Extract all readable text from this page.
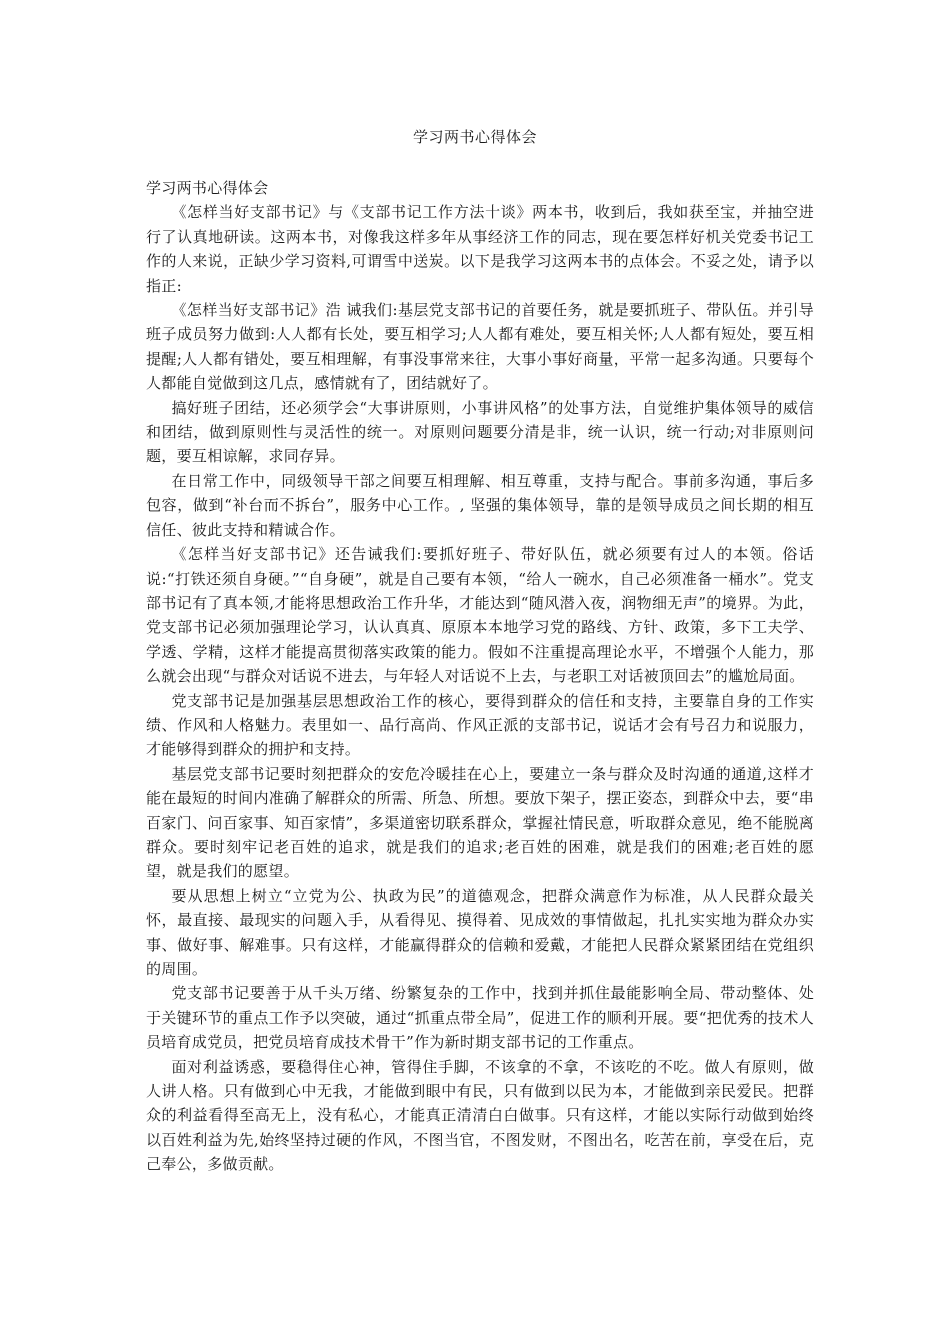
学习两书心得体会

学习两书心得体会

《怎样当好支部书记》与《支部书记工作方法十谈》两本书，收到后，我如获至宝，并抽空进行了认真地研读。这两本书，对像我这样多年从事经济工作的同志，现在要怎样好机关党委书记工作的人来说，正缺少学习资料,可谓雪中送炭。以下是我学习这两本书的点体会。不妥之处，请予以指正:

《怎样当好支部书记》浩 诫我们:基层党支部书记的首要任务，就是要抓班子、带队伍。并引导班子成员努力做到:人人都有长处，要互相学习;人人都有难处，要互相关怀;人人都有短处，要互相提醒;人人都有错处，要互相理解，有事没事常来往，大事小事好商量，平常一起多沟通。只要每个人都能自觉做到这几点，感情就有了，团结就好了。

搞好班子团结，还必须学会“大事讲原则，小事讲风格”的处事方法，自觉维护集体领导的威信和团结，做到原则性与灵活性的统一。对原则问题要分清是非，统一认识，统一行动;对非原则问题，要互相谅解，求同存异。

在日常工作中，同级领导干部之间要互相理解、相互尊重，支持与配合。事前多沟通，事后多包容，做到“补台而不拆台”，服务中心工作。, 坚强的集体领导，靠的是领导成员之间长期的相互信任、彼此支持和精诚合作。

《怎样当好支部书记》还告诫我们:要抓好班子、带好队伍，就必须要有过人的本领。俗话说:“打铁还须自身硬。”“自身硬”，就是自己要有本领，“给人一碗水，自己必须准备一桶水”。党支部书记有了真本领,才能将思想政治工作升华，才能达到“随风潜入夜，润物细无声”的境界。为此，党支部书记必须加强理论学习，认认真真、原原本本地学习党的路线、方针、政策，多下工夫学、学透、学精，这样才能提高贯彻落实政策的能力。假如不注重提高理论水平，不增强个人能力，那么就会出现“与群众对话说不进去，与年轻人对话说不上去，与老职工对话被顶回去”的尴尬局面。

党支部书记是加强基层思想政治工作的核心，要得到群众的信任和支持，主要靠自身的工作实绩、作风和人格魅力。表里如一、品行高尚、作风正派的支部书记，说话才会有号召力和说服力，才能够得到群众的拥护和支持。

基层党支部书记要时刻把群众的安危冷暖挂在心上，要建立一条与群众及时沟通的通道,这样才能在最短的时间内准确了解群众的所需、所急、所想。要放下架子，摆正姿态，到群众中去，要“串百家门、问百家事、知百家情”，多渠道密切联系群众，掌握社情民意，听取群众意见，绝不能脱离群众。要时刻牢记老百姓的追求，就是我们的追求;老百姓的困难，就是我们的困难;老百姓的愿望，就是我们的愿望。

要从思想上树立“立党为公、执政为民”的道德观念，把群众满意作为标准，从人民群众最关怀，最直接、最现实的问题入手，从看得见、摸得着、见成效的事情做起，扎扎实实地为群众办实事、做好事、解难事。只有这样，才能赢得群众的信赖和爱戴，才能把人民群众紧紧团结在党组织的周围。

党支部书记要善于从千头万绪、纷繁复杂的工作中，找到并抓住最能影响全局、带动整体、处于关键环节的重点工作予以突破，通过“抓重点带全局”，促进工作的顺利开展。要“把优秀的技术人员培育成党员，把党员培育成技术骨干”作为新时期支部书记的工作重点。

面对利益诱惑，要稳得住心神，管得住手脚，不该拿的不拿，不该吃的不吃。做人有原则，做人讲人格。只有做到心中无我，才能做到眼中有民，只有做到以民为本，才能做到亲民爱民。把群众的利益看得至高无上，没有私心，才能真正清清白白做事。只有这样，才能以实际行动做到始终以百姓利益为先,始终坚持过硬的作风，不图当官，不图发财，不图出名，吃苦在前，享受在后，克己奉公，多做贡献。
